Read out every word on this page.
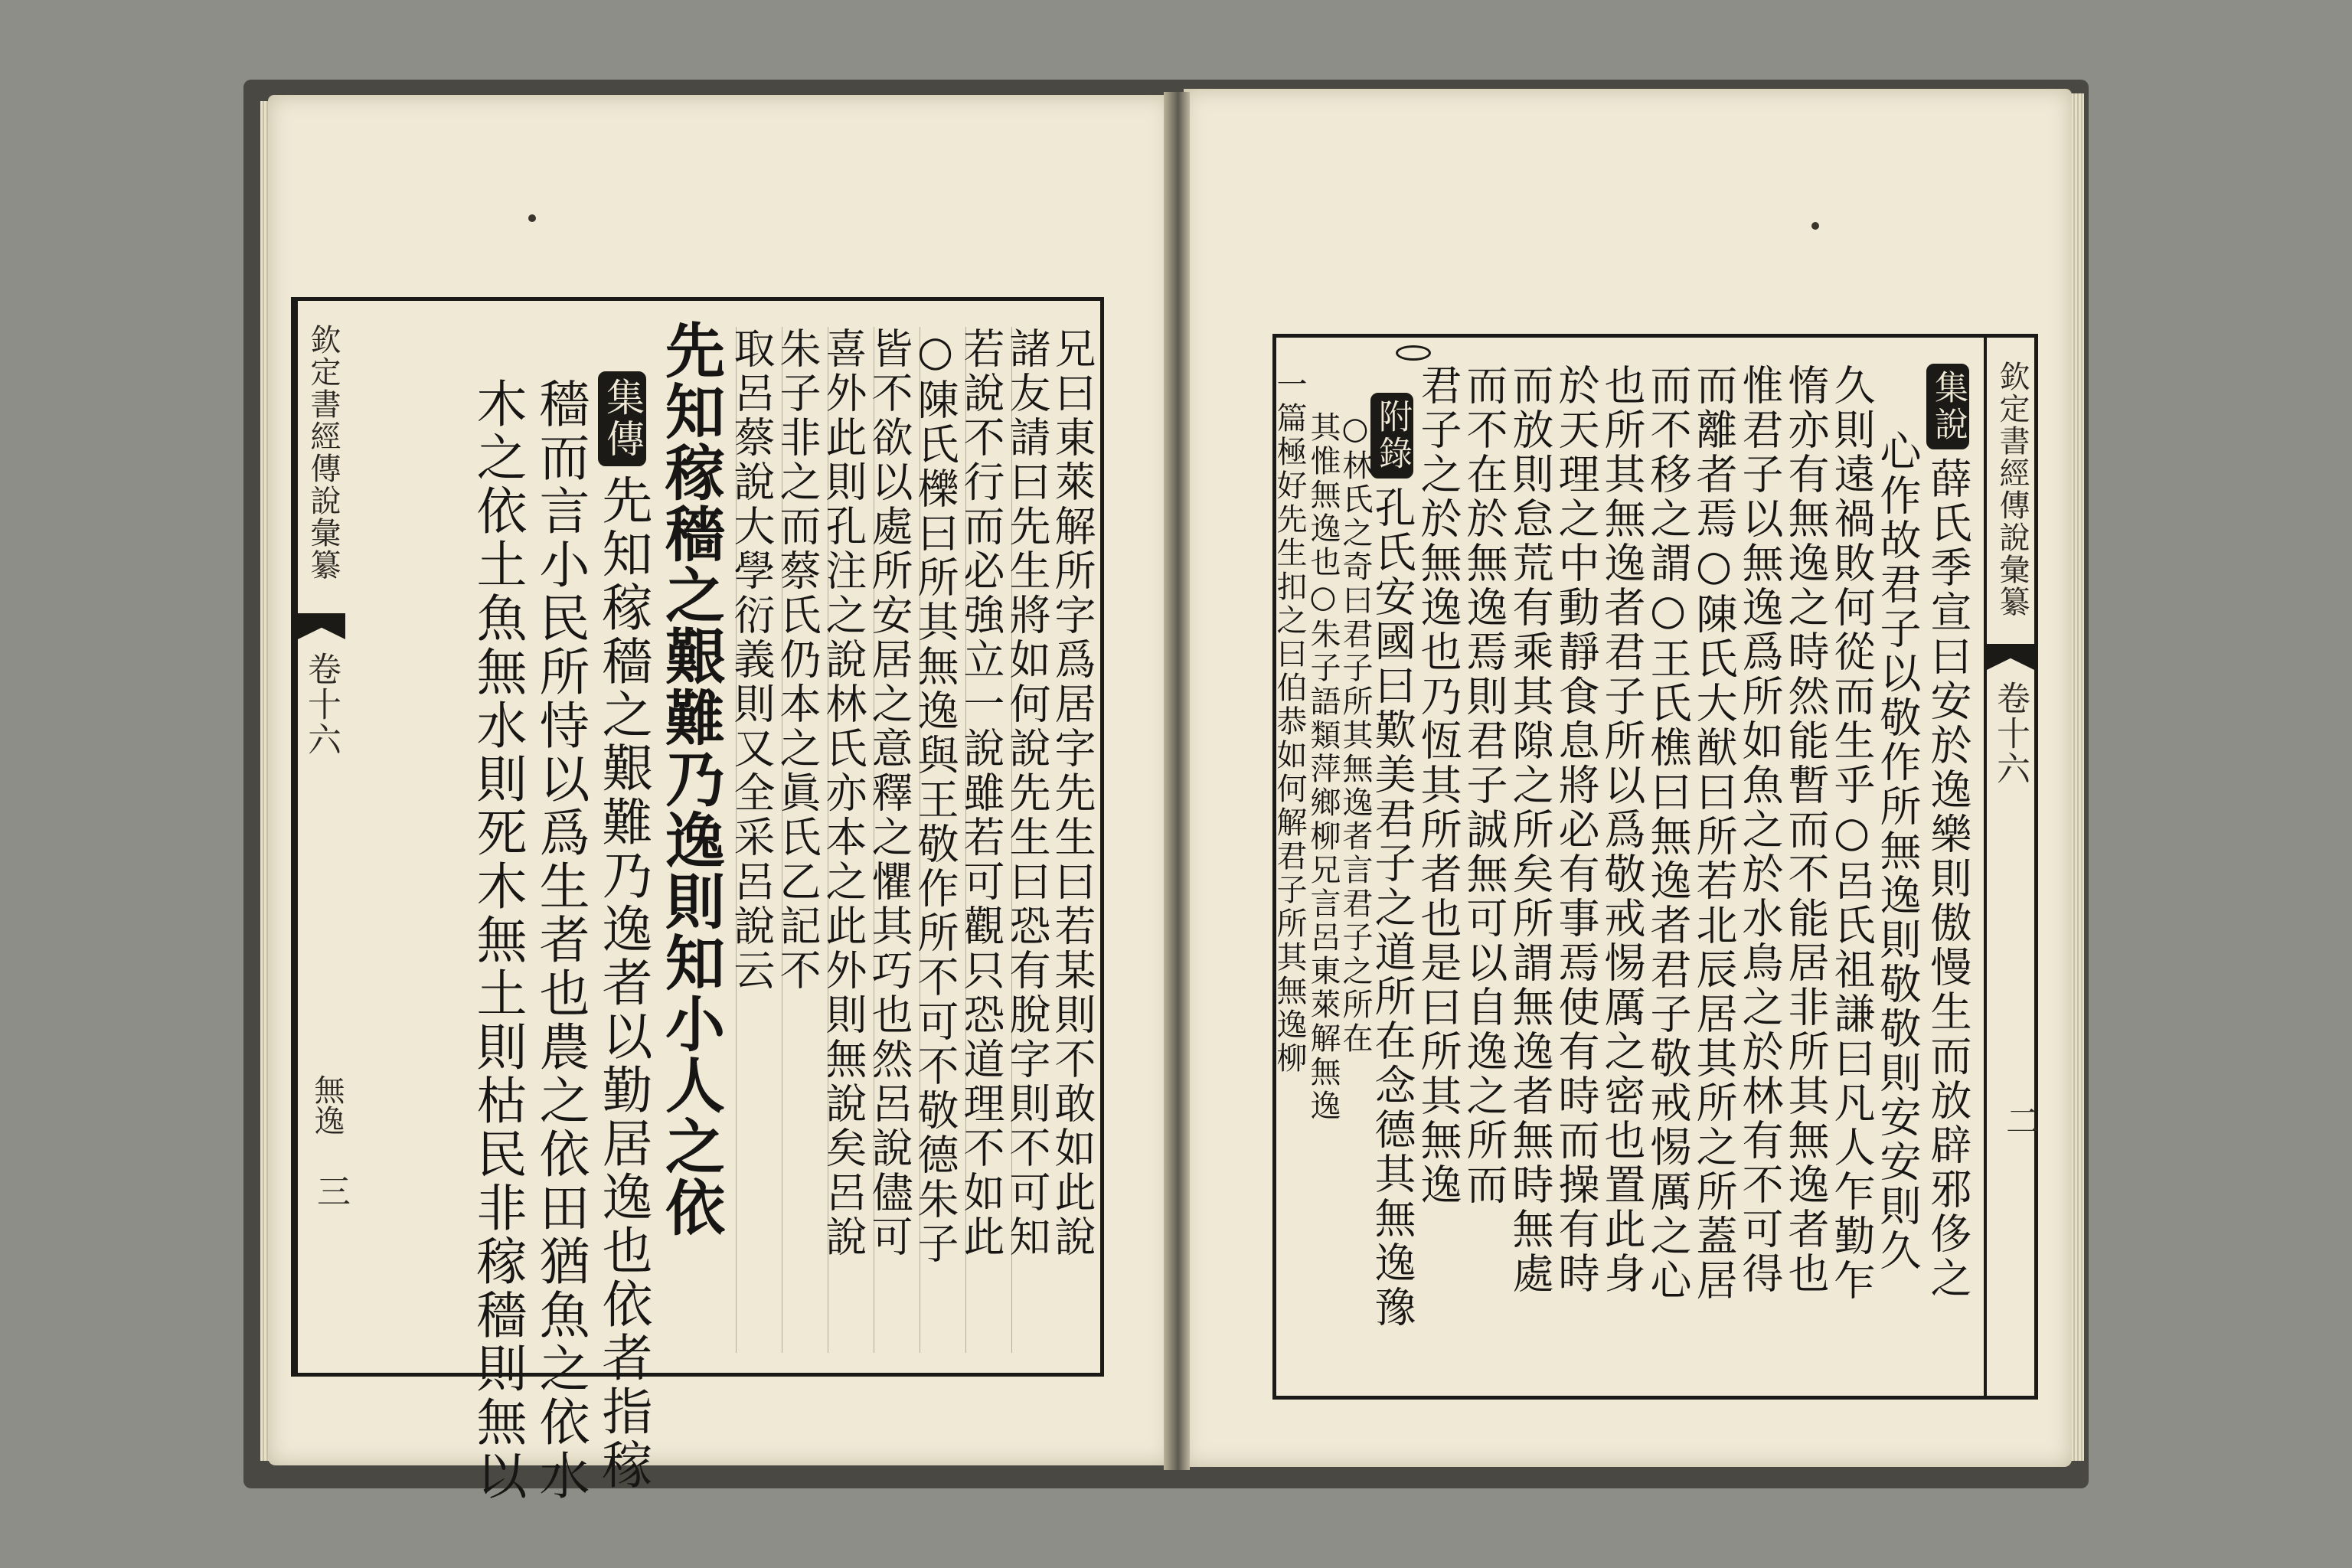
兄曰東萊解所字爲居字先生曰若某則不敢如此說
諸友請曰先生將如何說先生曰恐有脫字則不可知
若說不行而必強立一說雖若可觀只恐道理不如此
○陳氏櫟曰所其無逸與王敬作所不可不敬德朱子
皆不欲以處所安居之意釋之懼其巧也然呂說儘可
喜外此則孔注之說林氏亦本之此外則無說矣呂說
朱子非之而蔡氏仍本之眞氏乙記不
取呂蔡說大學衍義則又全采呂說云
先知稼穡之艱難乃逸則知小人之依
集傳先知稼穡之艱難乃逸者以勤居逸也依者指稼
穡而言小民所恃以爲生者也農之依田猶魚之依水
木之依土魚無水則死木無土則枯民非稼穡則無以
欽定書經傳說彙纂
卷十六
無逸
三
欽定書經傳說彙纂
卷十六
二
集說薛氏季宣曰安於逸樂則傲慢生而放辟邪侈之
心作故君子以敬作所無逸則敬敬則安安則久
久則遠禍敗何從而生乎○呂氏祖謙曰凡人乍勤乍
惰亦有無逸之時然能暫而不能居非所其無逸者也
惟君子以無逸爲所如魚之於水鳥之於林有不可得
而離者焉○陳氏大猷曰所若北辰居其所之所蓋居
而不移之謂○王氏樵曰無逸者君子敬戒惕厲之心
也所其無逸者君子所以爲敬戒惕厲之密也置此身
於天理之中動靜食息將必有事焉使有時而操有時
而放則怠荒有乘其隙之所矣所謂無逸者無時無處
而不在於無逸焉則君子誠無可以自逸之所而
君子之於無逸也乃恆其所者也是曰所其無逸
附錄孔氏安國曰歎美君子之道所在念德其無逸豫
○林氏之奇曰君子所其無逸者言君子之所在
其惟無逸也○朱子語類萍鄉柳兄言呂東萊解無逸
一篇極好先生扣之曰伯恭如何解君子所其無逸柳
